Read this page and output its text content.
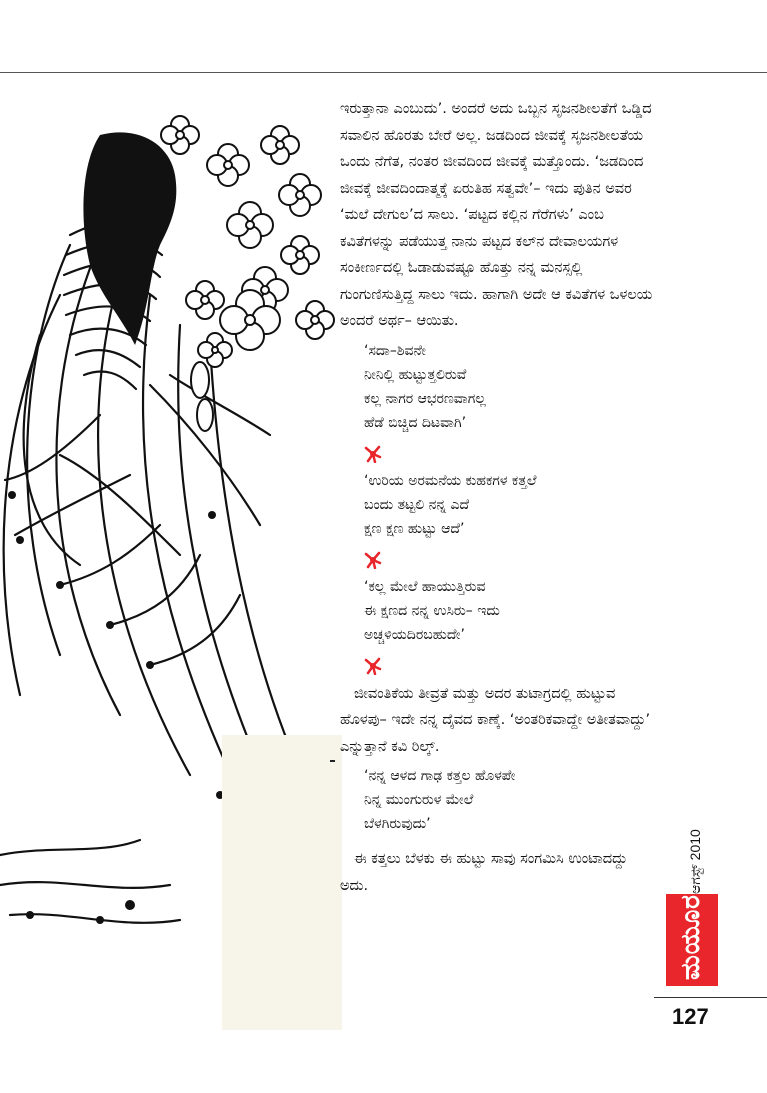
ಇರುತ್ತಾನಾ ಎಂಬುದು’. ಅಂದರೆ ಅದು ಒಬ್ಬನ ಸೃಜನಶೀಲತೆಗೆ ಒಡ್ಡಿದ ಸವಾಲಿನ ಹೊರತು ಬೇರೆ ಅಲ್ಲ. ಜಡದಿಂದ ಜೀವಕ್ಕೆ ಸೃಜನಶೀಲತೆಯ ಒಂದು ನೆಗೆತ, ನಂತರ ಜೀವದಿಂದ ಜೀವಕ್ಕೆ ಮತ್ತೊಂದು. ‘ಜಡದಿಂದ ಜೀವಕ್ಕೆ ಜೀವದಿಂದಾತ್ಮಕ್ಕೆ ಏರುತಿಹ ಸತ್ವವೇ’– ಇದು ಪುತಿನ ಅವರ ‘ಮಲೆ ದೇಗುಲ’ದ ಸಾಲು. ‘ಪಟ್ಟದ ಕಲ್ಲಿನ ಗೆರೆಗಳು’ ಎಂಬ ಕವಿತೆಗಳನ್ನು ಪಡೆಯುತ್ತ ನಾನು ಪಟ್ಟದ ಕಲ್‌ನ ದೇವಾಲಯಗಳ ಸಂಕೀರ್ಣದಲ್ಲಿ ಓಡಾಡುವಷ್ಟೂ ಹೊತ್ತು ನನ್ನ ಮನಸ್ಸಲ್ಲಿ ಗುಂಗುಣಿಸುತ್ತಿದ್ದ ಸಾಲು ಇದು. ಹಾಗಾಗಿ ಅದೇ ಆ ಕವಿತೆಗಳ ಒಳಲಯ ಅಂದರೆ ಅರ್ಥ– ಆಯಿತು.

‘ಸದಾ–ಶಿವನೇ
ನೀನಿಲ್ಲಿ ಹುಟ್ಟುತ್ತಲಿರುವೆ
ಕಲ್ಲ ನಾಗರ ಆಭರಣವಾಗಲ್ಲ
ಹೆಡೆ ಬಿಚ್ಚಿದ ದಿಟವಾಗಿ’
‘ಉರಿಯ ಅರಮನೆಯ ಕುಹಕಗಳ ಕತ್ತಲೆ
ಬಂದು ತಟ್ಟಲಿ ನನ್ನ ಎದೆ
ಕ್ಷಣ ಕ್ಷಣ ಹುಟ್ಟು ಆದೆ’
‘ಕಲ್ಲ ಮೇಲೆ ಹಾಯುತ್ತಿರುವ
ಈ ಕ್ಷಣದ ನನ್ನ ಉಸಿರು– ಇದು
ಅಚ್ಚಳಿಯದಿರಬಹುದೇ’

ಜೀವಂತಿಕೆಯ ತೀವ್ರತೆ ಮತ್ತು ಅದರ ತುಟಾಗ್ರದಲ್ಲಿ ಹುಟ್ಟುವ ಹೊಳಪು– ಇದೇ ನನ್ನ ದೈವದ ಕಾಣ್ಕೆ. ‘ಅಂತರಿಕವಾದ್ದೇ ಅತೀತವಾದ್ದು’ ಎನ್ನುತ್ತಾನೆ ಕವಿ ರಿಲ್ಕ್.

‘ನನ್ನ ಆಳದ ಗಾಢ ಕತ್ತಲ ಹೊಳಪೇ
ನಿನ್ನ ಮುಂಗುರುಳ ಮೇಲೆ
ಬೆಳಗಿರುವುದು’

ಈ ಕತ್ತಲು ಬೆಳಕು ಈ ಹುಟ್ಟು ಸಾವು ಸಂಗಮಿಸಿ ಉಂಟಾದದ್ದು ಅದು.	ಆಗಸ್ಟ್ 2010
ಮಯೂರ
127
